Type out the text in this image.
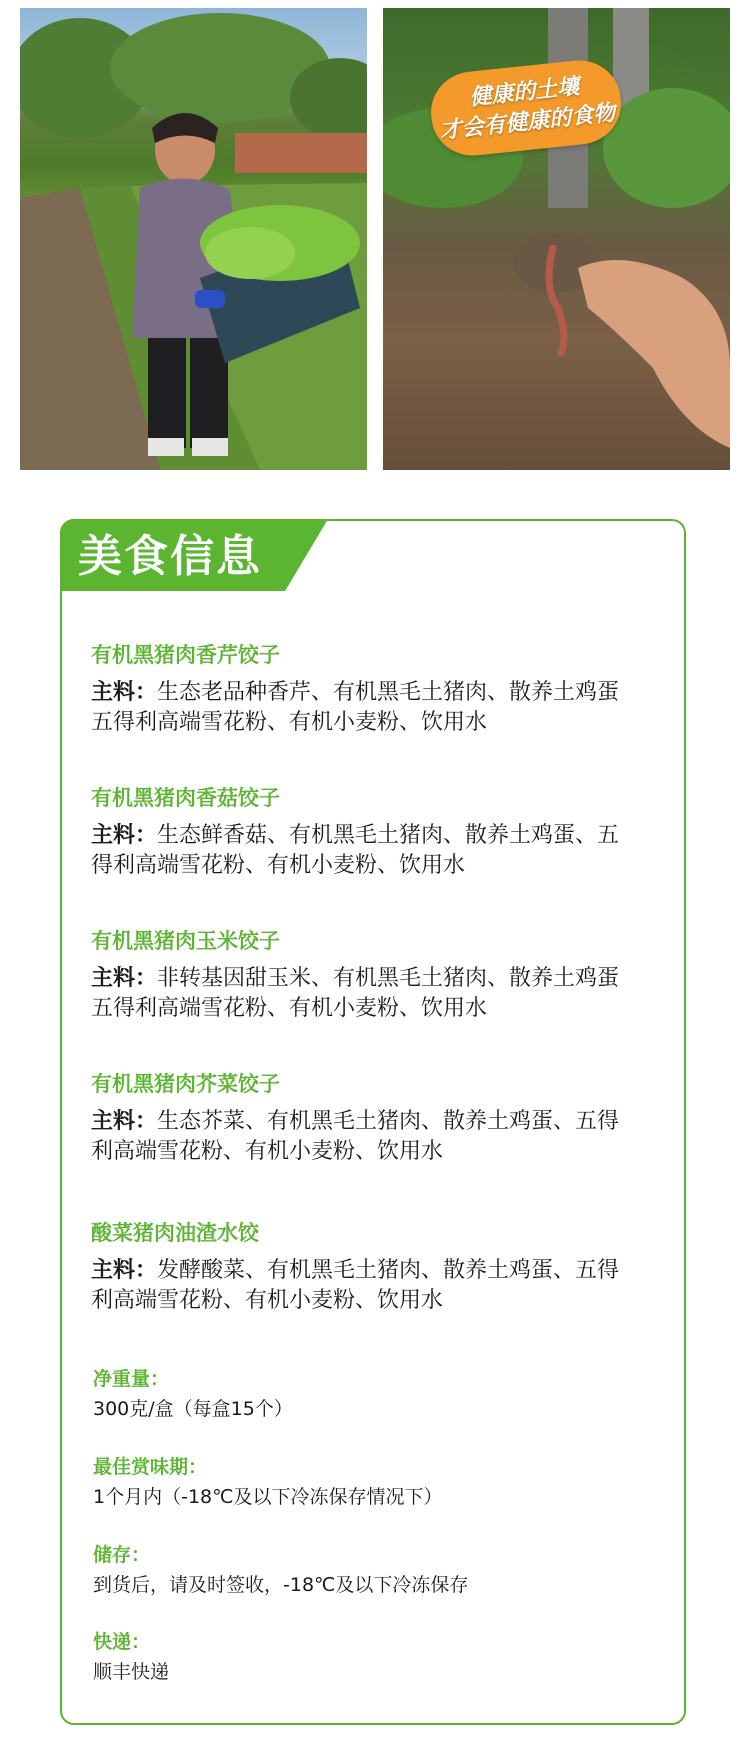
健康的土壤
才会有健康的食物
美食信息
有机黑猪肉香芹饺子
主料：生态老品种香芹、有机黑毛土猪肉、散养土鸡蛋
五得利高端雪花粉、有机小麦粉、饮用水
有机黑猪肉香菇饺子
主料：生态鲜香菇、有机黑毛土猪肉、散养土鸡蛋、五
得利高端雪花粉、有机小麦粉、饮用水
有机黑猪肉玉米饺子
主料：非转基因甜玉米、有机黑毛土猪肉、散养土鸡蛋
五得利高端雪花粉、有机小麦粉、饮用水
有机黑猪肉芥菜饺子
主料：生态芥菜、有机黑毛土猪肉、散养土鸡蛋、五得
利高端雪花粉、有机小麦粉、饮用水
酸菜猪肉油渣水饺
主料：发酵酸菜、有机黑毛土猪肉、散养土鸡蛋、五得
利高端雪花粉、有机小麦粉、饮用水
净重量：
300克/盒（每盒15个）
最佳赏味期：
1个月内（-18℃及以下冷冻保存情况下）
储存：
到货后，请及时签收，-18℃及以下冷冻保存
快递：
顺丰快递
